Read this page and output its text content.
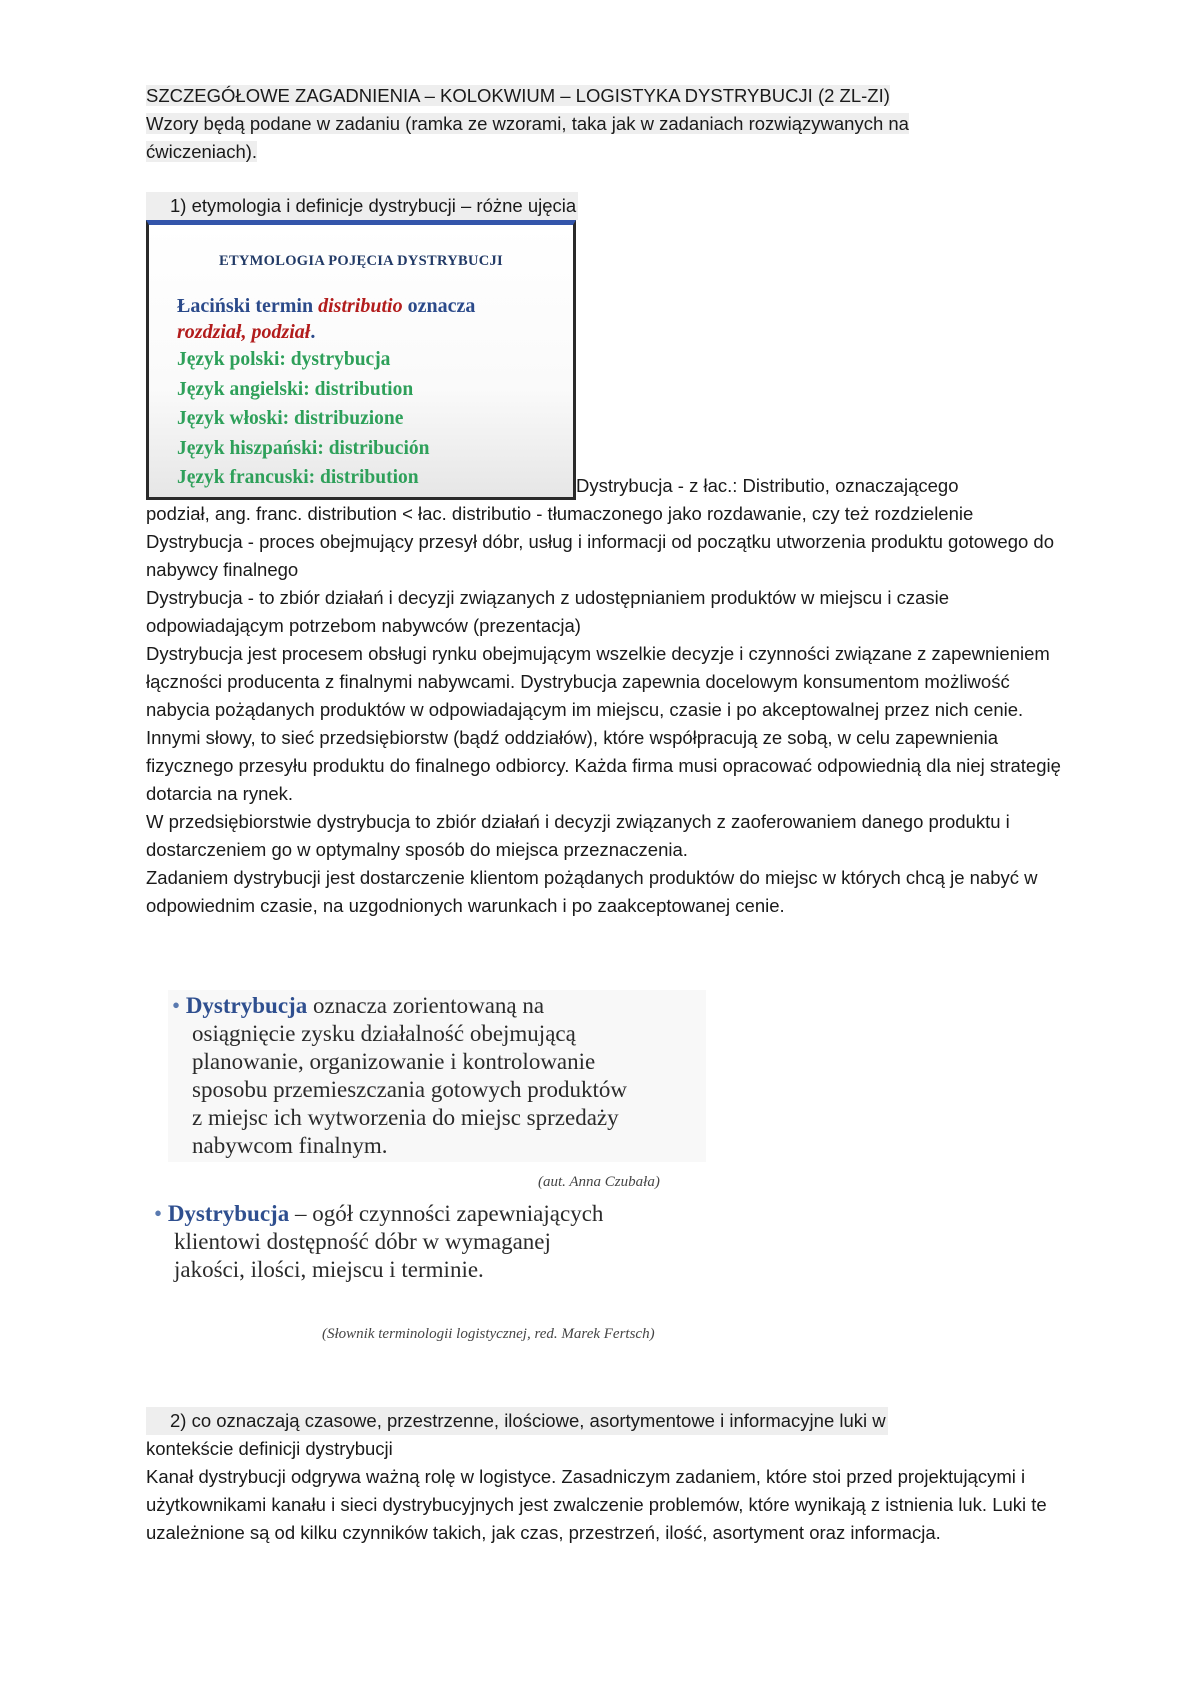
SZCZEGÓŁOWE ZAGADNIENIA – KOLOKWIUM – LOGISTYKA DYSTRYBUCJI (2 ZL-ZI)

Wzory będą podane w zadaniu (ramka ze wzorami, taka jak w zadaniach rozwiązywanych na
ćwiczeniach).

1) etymologia i definicje dystrybucji – różne ujęcia

ETYMOLOGIA POJĘCIA DYSTRYBUCJI
Łaciński termin distributio oznacza
rozdział, podział.
Język polski: dystrybucja
Język angielski: distribution
Język włoski: distribuzione
Język hiszpański: distribución
Język francuski: distribution	Dystrybucja - z łac.: Distributio, oznaczającego

podział, ang. franc. distribution < łac. distributio - tłumaczonego jako rozdawanie, czy też rozdzielenie

Dystrybucja - proces obejmujący przesył dóbr, usług i informacji od początku utworzenia produktu gotowego do nabywcy finalnego

Dystrybucja - to zbiór działań i decyzji związanych z udostępnianiem produktów w miejscu i czasie odpowiadającym potrzebom nabywców (prezentacja)

Dystrybucja jest procesem obsługi rynku obejmującym wszelkie decyzje i czynności związane z zapewnieniem łączności producenta z finalnymi nabywcami. Dystrybucja zapewnia docelowym konsumentom możliwość nabycia pożądanych produktów w odpowiadającym im miejscu, czasie i po akceptowalnej przez nich cenie. Innymi słowy, to sieć przedsiębiorstw (bądź oddziałów), które współpracują ze sobą, w celu zapewnienia fizycznego przesyłu produktu do finalnego odbiorcy. Każda firma musi opracować odpowiednią dla niej strategię dotarcia na rynek.

W przedsiębiorstwie dystrybucja to zbiór działań i decyzji związanych z zaoferowaniem danego produktu i dostarczeniem go w optymalny sposób do miejsca przeznaczenia.

Zadaniem dystrybucji jest dostarczenie klientom pożądanych produktów do miejsc w których chcą je nabyć w odpowiednim czasie, na uzgodnionych warunkach i po zaakceptowanej cenie.

• Dystrybucja oznacza zorientowaną na
osiągnięcie zysku działalność obejmującą
planowanie, organizowanie i kontrolowanie
sposobu przemieszczania gotowych produktów
z miejsc ich wytworzenia do miejsc sprzedaży
nabywcom finalnym.
(aut. Anna Czubała)
• Dystrybucja – ogół czynności zapewniających
klientowi dostępność dóbr w wymaganej
jakości, ilości, miejscu i terminie.
(Słownik terminologii logistycznej, red. Marek Fertsch)

2) co oznaczają czasowe, przestrzenne, ilościowe, asortymentowe i informacyjne luki w
kontekście definicji dystrybucji

Kanał dystrybucji odgrywa ważną rolę w logistyce. Zasadniczym zadaniem, które stoi przed projektującymi i użytkownikami kanału i sieci dystrybucyjnych jest zwalczenie problemów, które wynikają z istnienia luk. Luki te uzależnione są od kilku czynników takich, jak czas, przestrzeń, ilość, asortyment oraz informacja.
